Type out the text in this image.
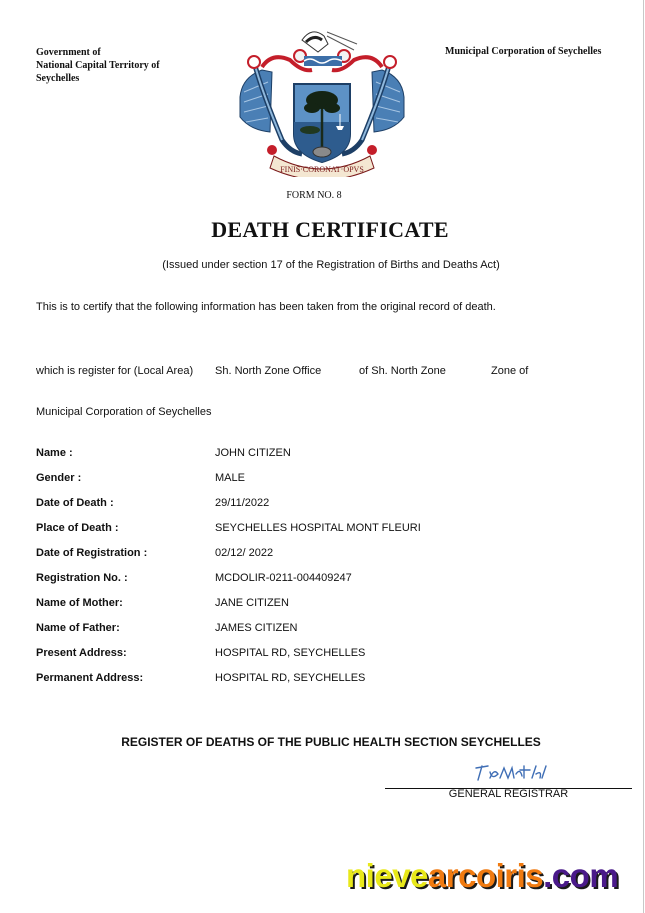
Government of
National Capital Territory of
Seychelles
Municipal Corporation of Seychelles
FINIS·CORONAT·OPVS
FORM NO. 8
DEATH CERTIFICATE
(Issued under section 17 of the Registration of Births and Deaths Act)
This is to certify that the following information has been taken from the original record of death.
which is register for (Local Area) Sh. North Zone Office	of Sh. North Zone	Zone of
Municipal Corporation of Seychelles
Name :	JOHN CITIZEN
Gender :	MALE
Date of Death :	29/11/2022
Place of Death :	SEYCHELLES HOSPITAL MONT FLEURI
Date of Registration :	02/12/ 2022
Registration No. :	MCDOLIR-0211-004409247
Name of Mother:	JANE CITIZEN
Name of Father:	JAMES CITIZEN
Present Address:	HOSPITAL RD, SEYCHELLES
Permanent Address:	HOSPITAL RD, SEYCHELLES
REGISTER OF DEATHS OF THE PUBLIC HEALTH SECTION SEYCHELLES
GENERAL REGISTRAR
nievearcoiris.com
